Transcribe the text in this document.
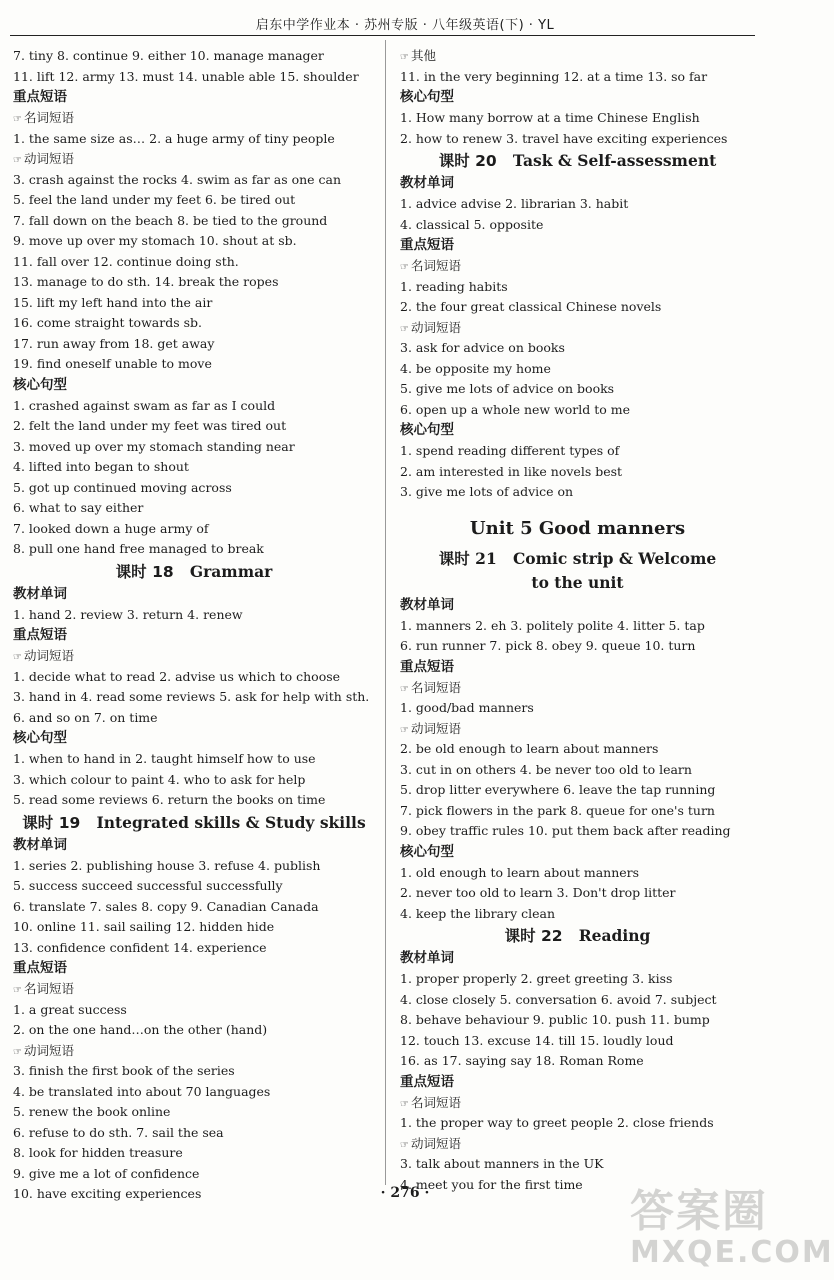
启东中学作业本 · 苏州专版 · 八年级英语(下) · YL
7. tiny 8. continue 9. either 10. manage manager
11. lift 12. army 13. must 14. unable able 15. shoulder
重点短语
☞ 名词短语
1. the same size as… 2. a huge army of tiny people
☞ 动词短语
3. crash against the rocks 4. swim as far as one can
5. feel the land under my feet 6. be tired out
7. fall down on the beach 8. be tied to the ground
9. move up over my stomach 10. shout at sb.
11. fall over 12. continue doing sth.
13. manage to do sth. 14. break the ropes
15. lift my left hand into the air
16. come straight towards sb.
17. run away from 18. get away
19. find oneself unable to move
核心句型
1. crashed against swam as far as I could
2. felt the land under my feet was tired out
3. moved up over my stomach standing near
4. lifted into began to shout
5. got up continued moving across
6. what to say either
7. looked down a huge army of
8. pull one hand free managed to break
课时 18 Grammar
教材单词
1. hand 2. review 3. return 4. renew
重点短语
☞ 动词短语
1. decide what to read 2. advise us which to choose
3. hand in 4. read some reviews 5. ask for help with sth.
6. and so on 7. on time
核心句型
1. when to hand in 2. taught himself how to use
3. which colour to paint 4. who to ask for help
5. read some reviews 6. return the books on time
课时 19 Integrated skills & Study skills
教材单词
1. series 2. publishing house 3. refuse 4. publish
5. success succeed successful successfully
6. translate 7. sales 8. copy 9. Canadian Canada
10. online 11. sail sailing 12. hidden hide
13. confidence confident 14. experience
重点短语
☞ 名词短语
1. a great success
2. on the one hand…on the other (hand)
☞ 动词短语
3. finish the first book of the series
4. be translated into about 70 languages
5. renew the book online
6. refuse to do sth. 7. sail the sea
8. look for hidden treasure
9. give me a lot of confidence
10. have exciting experiences
☞ 其他
11. in the very beginning 12. at a time 13. so far
核心句型
1. How many borrow at a time Chinese English
2. how to renew 3. travel have exciting experiences
课时 20 Task & Self-assessment
教材单词
1. advice advise 2. librarian 3. habit
4. classical 5. opposite
重点短语
☞ 名词短语
1. reading habits
2. the four great classical Chinese novels
☞ 动词短语
3. ask for advice on books
4. be opposite my home
5. give me lots of advice on books
6. open up a whole new world to me
核心句型
1. spend reading different types of
2. am interested in like novels best
3. give me lots of advice on
Unit 5 Good manners
课时 21 Comic strip & Welcome
to the unit
教材单词
1. manners 2. eh 3. politely polite 4. litter 5. tap
6. run runner 7. pick 8. obey 9. queue 10. turn
重点短语
☞ 名词短语
1. good/bad manners
☞ 动词短语
2. be old enough to learn about manners
3. cut in on others 4. be never too old to learn
5. drop litter everywhere 6. leave the tap running
7. pick flowers in the park 8. queue for one's turn
9. obey traffic rules 10. put them back after reading
核心句型
1. old enough to learn about manners
2. never too old to learn 3. Don't drop litter
4. keep the library clean
课时 22 Reading
教材单词
1. proper properly 2. greet greeting 3. kiss
4. close closely 5. conversation 6. avoid 7. subject
8. behave behaviour 9. public 10. push 11. bump
12. touch 13. excuse 14. till 15. loudly loud
16. as 17. saying say 18. Roman Rome
重点短语
☞ 名词短语
1. the proper way to greet people 2. close friends
☞ 动词短语
3. talk about manners in the UK
4. meet you for the first time
· 276 ·	答案圈
MXQE.COM
